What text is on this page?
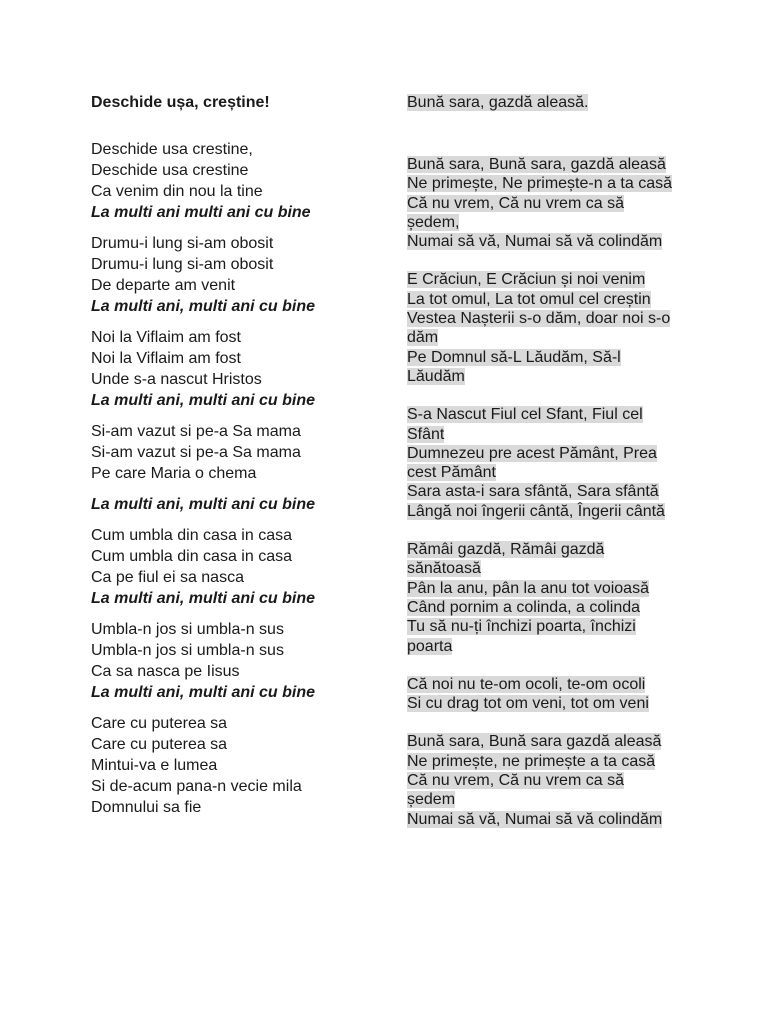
Deschide ușa, creștine!
Deschide usa crestine,
Deschide usa crestine
Ca venim din nou la tine
La multi ani multi ani cu bine
Drumu-i lung si-am obosit
Drumu-i lung si-am obosit
De departe am venit
La multi ani, multi ani cu bine
Noi la Viflaim am fost
Noi la Viflaim am fost
Unde s-a nascut Hristos
La multi ani, multi ani cu bine
Si-am vazut si pe-a Sa mama
Si-am vazut si pe-a Sa mama
Pe care Maria o chema
La multi ani, multi ani cu bine
Cum umbla din casa in casa
Cum umbla din casa in casa
Ca pe fiul ei sa nasca
La multi ani, multi ani cu bine
Umbla-n jos si umbla-n sus
Umbla-n jos si umbla-n sus
Ca sa nasca pe Iisus
La multi ani, multi ani cu bine
Care cu puterea sa
Care cu puterea sa
Mintui-va e lumea
Si de-acum pana-n vecie mila
Domnului sa fie
Bună sara, gazdă aleasă.
Bună sara, Bună sara, gazdă aleasă
Ne primește, Ne primește-n a ta casă
Că nu vrem, Că nu vrem ca să
ședem,
Numai să vă, Numai să vă colindăm
E Crăciun, E Crăciun și noi venim
La tot omul, La tot omul cel creștin
Vestea Nașterii s-o dăm, doar noi s-o
dăm
Pe Domnul să-L Lăudăm, Să-l
Lăudăm
S-a Nascut Fiul cel Sfant, Fiul cel
Sfânt
Dumnezeu pre acest Pământ, Prea
cest Pământ
Sara asta-i sara sfântă, Sara sfântă
Lângă noi îngerii cântă, Îngerii cântă
Rămâi gazdă, Rămâi gazdă
sănătoasă
Pân la anu, pân la anu tot voioasă
Când pornim a colinda, a colinda
Tu să nu-ți închizi poarta, închizi
poarta
Că noi nu te-om ocoli, te-om ocoli
Si cu drag tot om veni, tot om veni
Bună sara, Bună sara gazdă aleasă
Ne primește, ne primește a ta casă
Că nu vrem, Că nu vrem ca să
ședem
Numai să vă, Numai să vă colindăm
